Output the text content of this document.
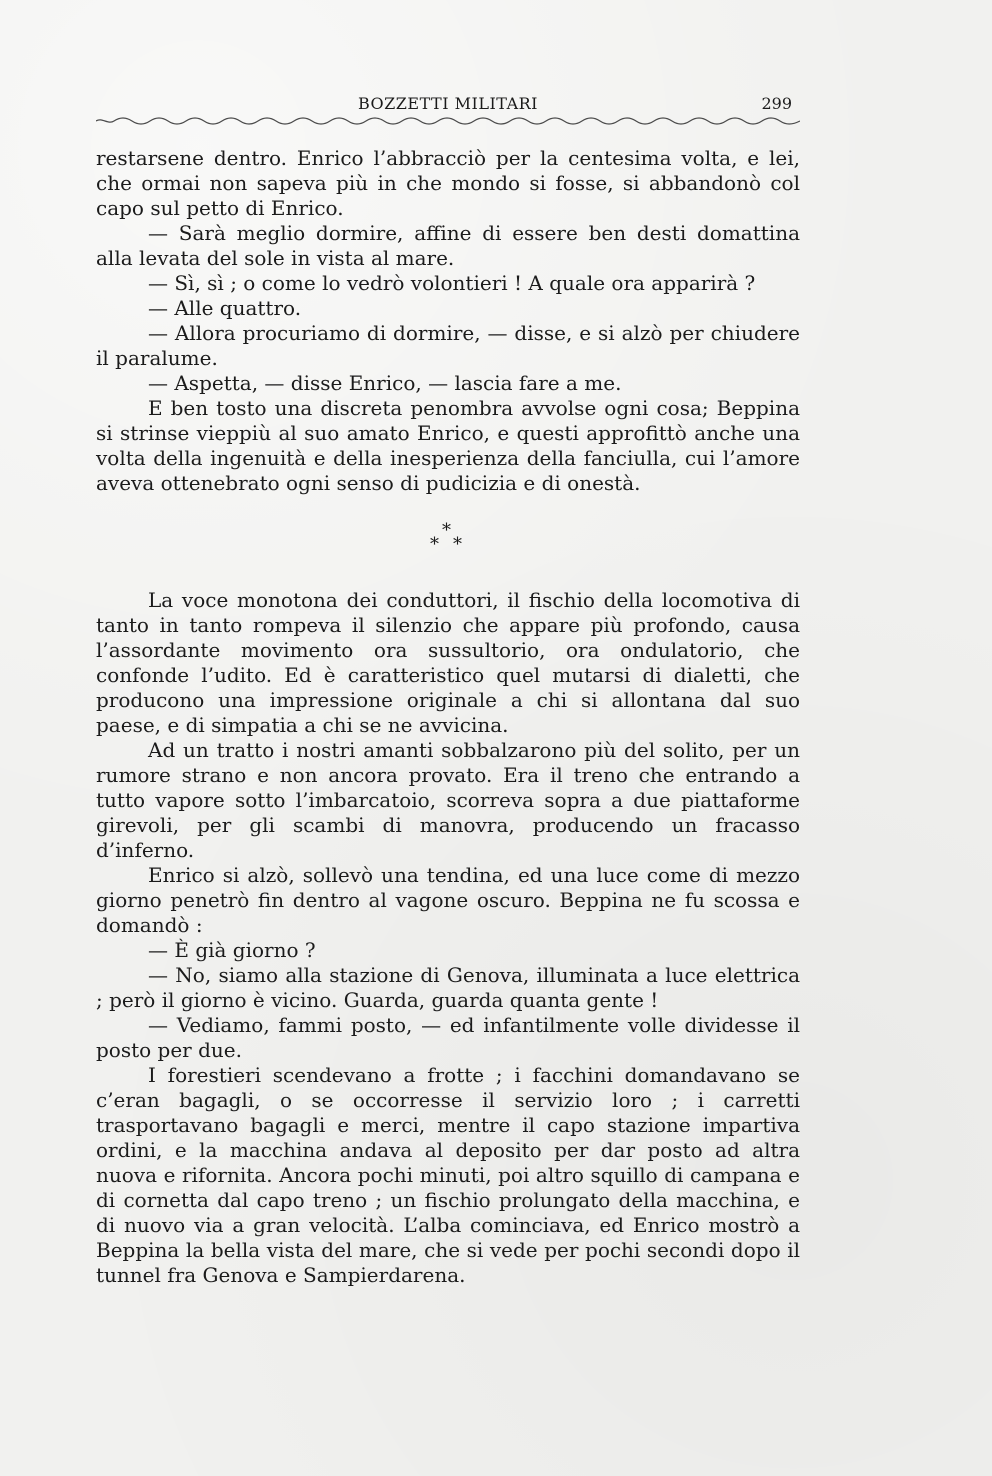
BOZZETTI MILITARI	299

restarsene dentro. Enrico l’abbracciò per la centesima volta, e lei, che ormai non sapeva più in che mondo si fosse, si abbandonò col capo sul petto di Enrico.

— Sarà meglio dormire, affine di essere ben desti domattina alla levata del sole in vista al mare.

— Sì, sì ; o come lo vedrò volontieri ! A quale ora apparirà ?

— Alle quattro.

— Allora procuriamo di dormire, — disse, e si alzò per chiudere il paralume.

— Aspetta, — disse Enrico, — lascia fare a me.

E ben tosto una discreta penombra avvolse ogni cosa; Beppina si strinse vieppiù al suo amato Enrico, e questi approfittò anche una volta della ingenuità e della inesperienza della fanciulla, cui l’amore aveva ottenebrato ogni senso di pudicizia e di onestà.

*
* *

La voce monotona dei conduttori, il fischio della locomotiva di tanto in tanto rompeva il silenzio che appare più profondo, causa l’assordante movimento ora sussultorio, ora ondulatorio, che confonde l’udito. Ed è caratteristico quel mutarsi di dialetti, che producono una impressione originale a chi si allontana dal suo paese, e di simpatia a chi se ne avvicina.

Ad un tratto i nostri amanti sobbalzarono più del solito, per un rumore strano e non ancora provato. Era il treno che entrando a tutto vapore sotto l’imbarcatoio, scorreva sopra a due piattaforme girevoli, per gli scambi di manovra, producendo un fracasso d’inferno.

Enrico si alzò, sollevò una tendina, ed una luce come di mezzo giorno penetrò fin dentro al vagone oscuro. Beppina ne fu scossa e domandò :

— È già giorno ?

— No, siamo alla stazione di Genova, illuminata a luce elettrica ; però il giorno è vicino. Guarda, guarda quanta gente !

— Vediamo, fammi posto, — ed infantilmente volle dividesse il posto per due.

I forestieri scendevano a frotte ; i facchini domandavano se c’eran bagagli, o se occorresse il servizio loro ; i carretti trasportavano bagagli e merci, mentre il capo stazione impartiva ordini, e la macchina andava al deposito per dar posto ad altra nuova e rifornita. Ancora pochi minuti, poi altro squillo di campana e di cornetta dal capo treno ; un fischio prolungato della macchina, e di nuovo via a gran velocità. L’alba cominciava, ed Enrico mostrò a Beppina la bella vista del mare, che si vede per pochi secondi dopo il tunnel fra Genova e Sampierdarena.
